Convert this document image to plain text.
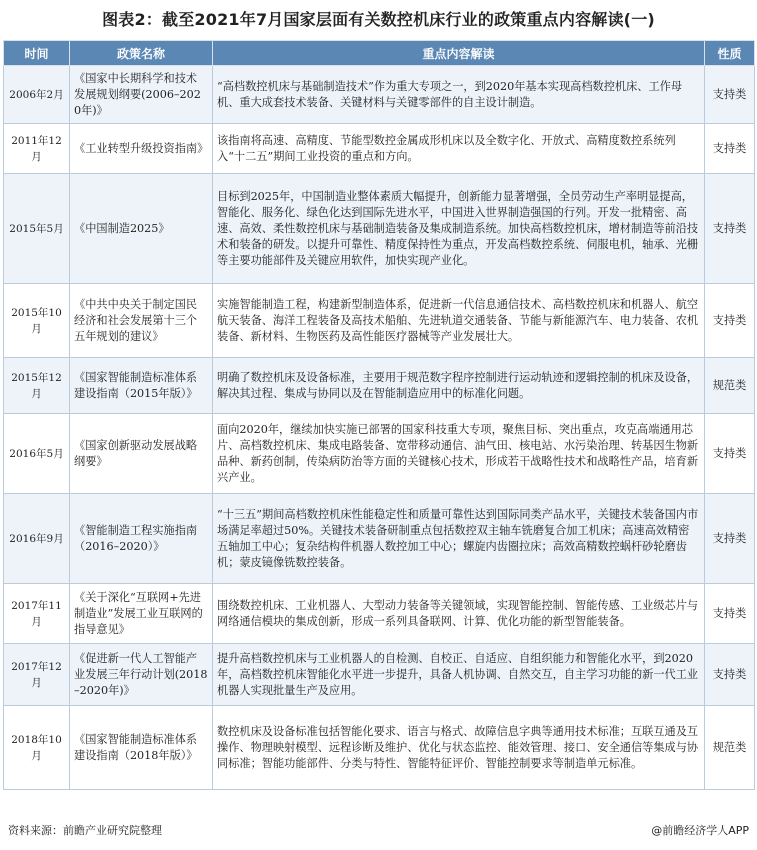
图表2：截至2021年7月国家层面有关数控机床行业的政策重点内容解读(一)
时间	政策名称	重点内容解读	性质
2006年2月	《国家中长期科学和技术发展规划纲要(2006–2020年)》	“高档数控机床与基础制造技术”作为重大专项之一，到2020年基本实现高档数控机床、工作母机、重大成套技术装备、关键材料与关键零部件的自主设计制造。	支持类
2011年12月	《工业转型升级投资指南》	该指南将高速、高精度、节能型数控金属成形机床以及全数字化、开放式、高精度数控系统列入“十二五”期间工业投资的重点和方向。	支持类
2015年5月	《中国制造2025》	目标到2025年，中国制造业整体素质大幅提升，创新能力显著增强，全员劳动生产率明显提高，智能化、服务化、绿色化达到国际先进水平，中国进入世界制造强国的行列。开发一批精密、高速、高效、柔性数控机床与基础制造装备及集成制造系统。加快高档数控机床，增材制造等前沿技术和装备的研发。以提升可靠性、精度保持性为重点，开发高档数控系统、伺服电机，轴承、光栅等主要功能部件及关键应用软件，加快实现产业化。	支持类
2015年10月	《中共中央关于制定国民经济和社会发展第十三个五年规划的建议》	实施智能制造工程，构建新型制造体系，促进新一代信息通信技术、高档数控机床和机器人、航空航天装备、海洋工程装备及高技术船舶、先进轨道交通装备、节能与新能源汽车、电力装备、农机装备、新材料、生物医药及高性能医疗器械等产业发展壮大。	支持类
2015年12月	《国家智能制造标准体系建设指南（2015年版）》	明确了数控机床及设备标准，主要用于规范数字程序控制进行运动轨迹和逻辑控制的机床及设备，解决其过程、集成与协同以及在智能制造应用中的标准化问题。	规范类
2016年5月	《国家创新驱动发展战略纲要》	面向2020年，继续加快实施已部署的国家科技重大专项，聚焦目标、突出重点，攻克高端通用芯片、高档数控机床、集成电路装备、宽带移动通信、油气田、核电站、水污染治理、转基因生物新品种、新药创制，传染病防治等方面的关键核心技术，形成若干战略性技术和战略性产品，培育新兴产业。	支持类
2016年9月	《智能制造工程实施指南（2016–2020）》	“十三五”期间高档数控机床性能稳定性和质量可靠性达到国际同类产品水平，关键技术装备国内市场满足率超过50%。关键技术装备研制重点包括数控双主轴车铣磨复合加工机床；高速高效精密五轴加工中心；复杂结构件机器人数控加工中心；螺旋内齿圈拉床；高效高精数控蜗杆砂轮磨齿机；蒙皮镜像铣数控装备。	支持类
2017年11月	《关于深化“互联网+先进制造业”发展工业互联网的指导意见》	围绕数控机床、工业机器人、大型动力装备等关键领域，实现智能控制、智能传感、工业级芯片与网络通信模块的集成创新，形成一系列具备联网、计算、优化功能的新型智能装备。	支持类
2017年12月	《促进新一代人工智能产业发展三年行动计划(2018–2020年)》	提升高档数控机床与工业机器人的自检测、自校正、自适应、自组织能力和智能化水平，到2020年，高档数控机床智能化水平进一步提升，具备人机协调、自然交互，自主学习功能的新一代工业机器人实现批量生产及应用。	支持类
2018年10月	《国家智能制造标准体系建设指南（2018年版）》	数控机床及设备标准包括智能化要求、语言与格式、故障信息字典等通用技术标准；互联互通及互操作、物理映射模型、远程诊断及维护、优化与状态监控、能效管理、接口、安全通信等集成与协同标准；智能功能部件、分类与特性、智能特征评价、智能控制要求等制造单元标准。	规范类
资料来源：前瞻产业研究院整理	@前瞻经济学人APP
